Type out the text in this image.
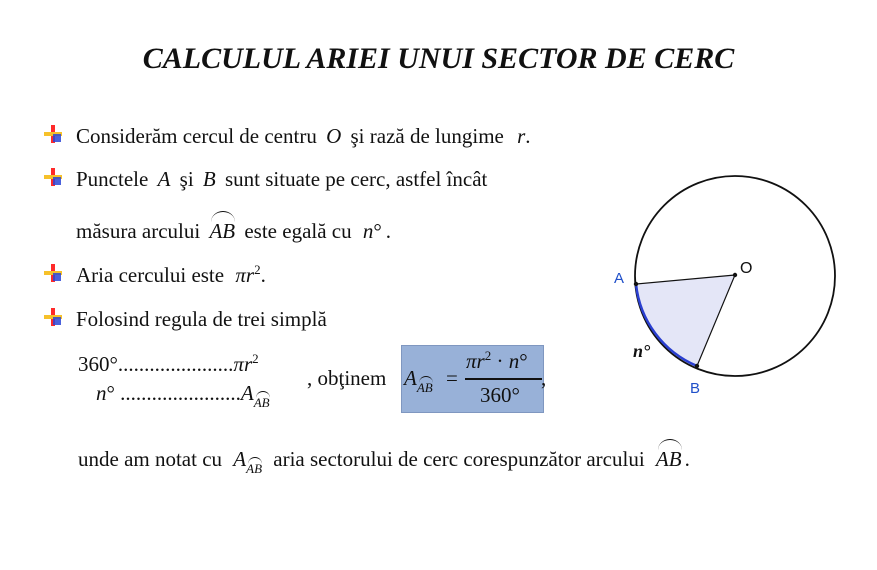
CALCULUL ARIEI UNUI SECTOR DE CERC
Considerăm cercul de centru O şi rază de lungime r.
Punctele A şi B sunt situate pe cerc, astfel încât
măsura arcului AB este egală cu n° .
Aria cercului este $\pi r^2$.
Folosind regula de trei simplă
$360^\circ......................\pi r^2$
n° $.......................A_{AB}$
, obţinem $A_{AB}$ =
$\pi r^2 \cdot n^\circ$
360°
,
unde am notat cu $A_{AB}$ aria sectorului de cerc corespunzător arcului AB .
O
A
B
n°
